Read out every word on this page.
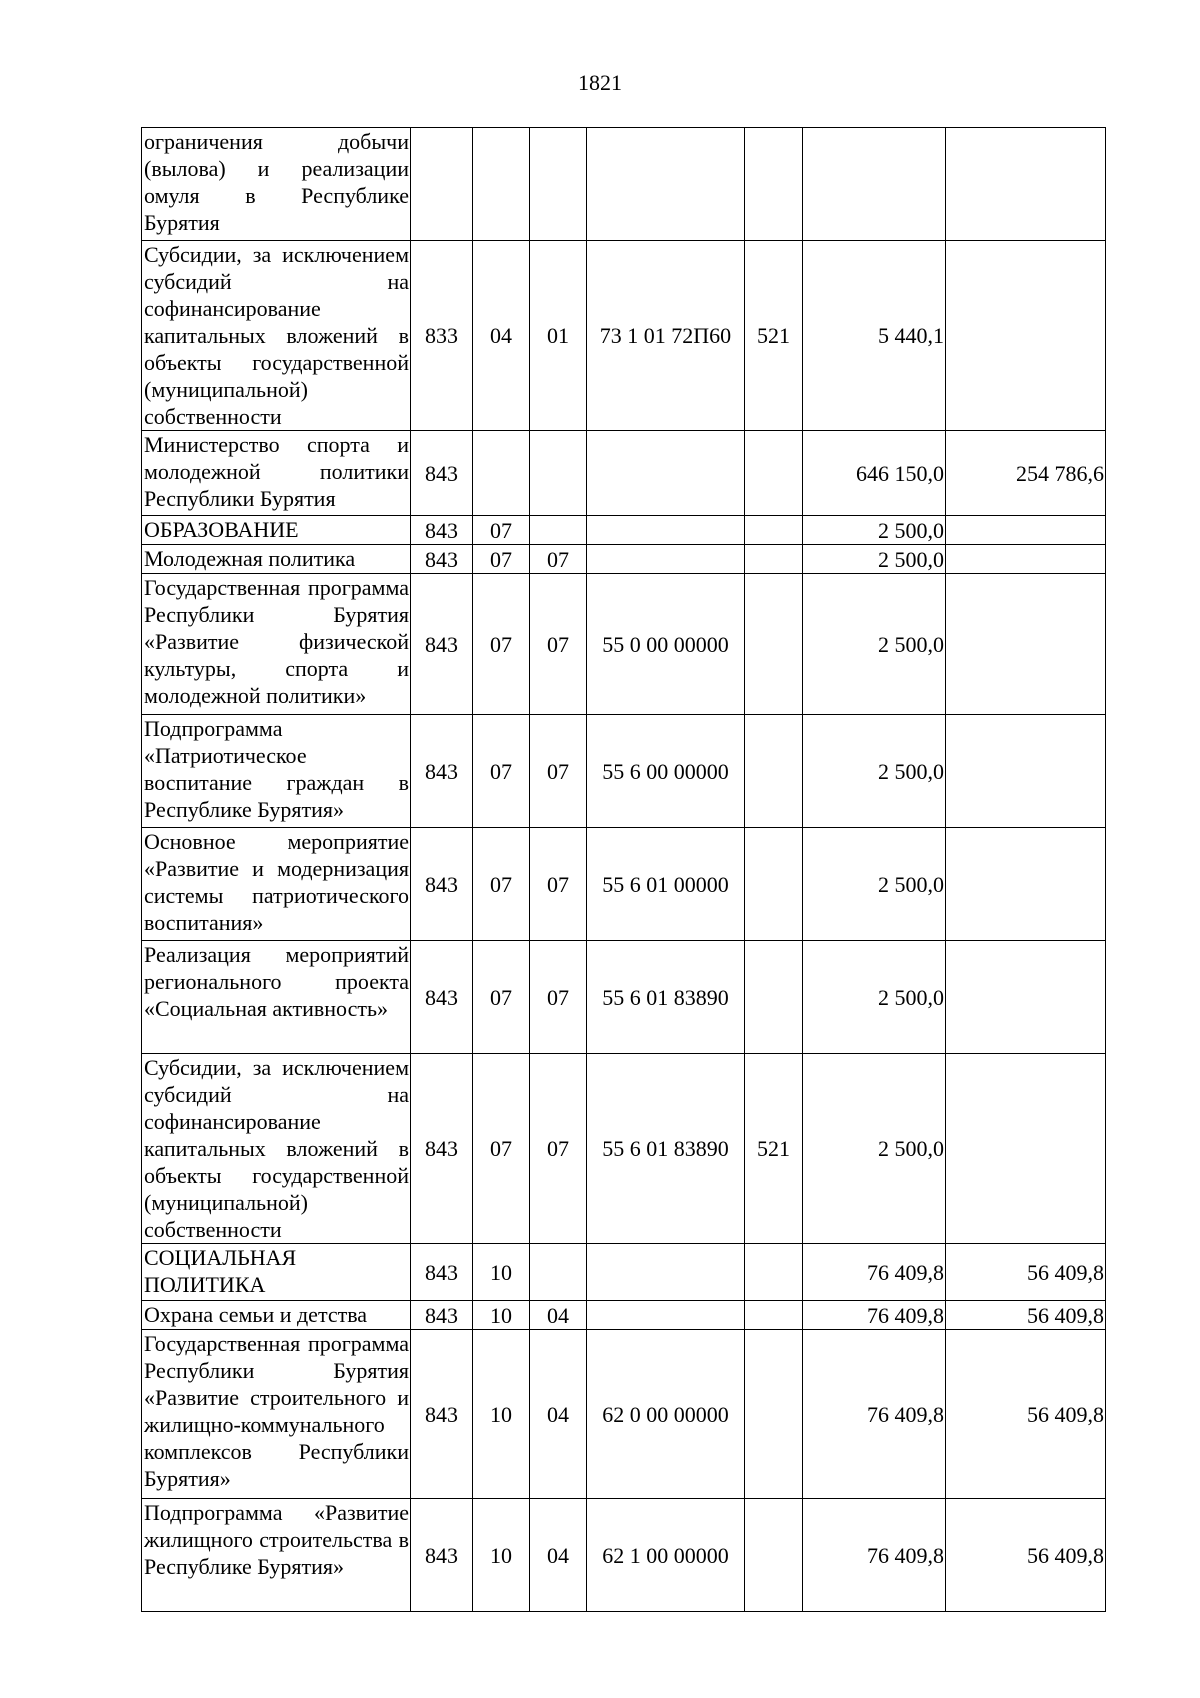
1821
ограничения добычи (вылова) и реализации омуля в Республике Бурятия							
Субсидии, за исключением субсидий на софинансирование капитальных вложений в объекты государственной (муниципальной) собственности	833	04	01	73 1 01 72П60	521	5 440,1	
Министерство спорта и молодежной политики Республики Бурятия	843					646 150,0	254 786,6
ОБРАЗОВАНИЕ	843	07				2 500,0	
Молодежная политика	843	07	07			2 500,0	
Государственная программа Республики Бурятия «Развитие физической культуры, спорта и молодежной политики»	843	07	07	55 0 00 00000		2 500,0	
Подпрограмма «Патриотическое воспитание граждан в Республике Бурятия»	843	07	07	55 6 00 00000		2 500,0	
Основное мероприятие «Развитие и модернизация системы патриотического воспитания»	843	07	07	55 6 01 00000		2 500,0	
Реализация мероприятий регионального проекта «Социальная активность»	843	07	07	55 6 01 83890		2 500,0	
Субсидии, за исключением субсидий на софинансирование капитальных вложений в объекты государственной (муниципальной) собственности	843	07	07	55 6 01 83890	521	2 500,0	
СОЦИАЛЬНАЯ ПОЛИТИКА	843	10				76 409,8	56 409,8
Охрана семьи и детства	843	10	04			76 409,8	56 409,8
Государственная программа Республики Бурятия «Развитие строительного и жилищно-коммунального комплексов Республики Бурятия»	843	10	04	62 0 00 00000		76 409,8	56 409,8
Подпрограмма «Развитие жилищного строительства в Республике Бурятия»	843	10	04	62 1 00 00000		76 409,8	56 409,8
